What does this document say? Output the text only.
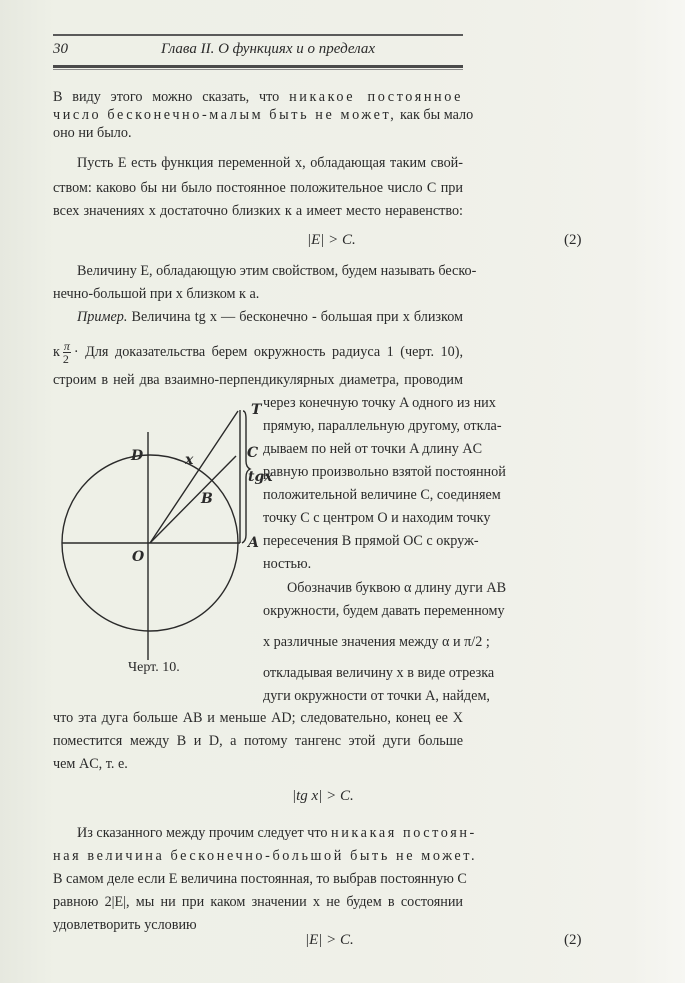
30	Глава II. О функциях и о пределах
В виду этого можно сказать, что никакое постоянное
число бесконечно-малым быть не может, как бы мало
оно ни было.
Пусть E есть функция переменной x, обладающая таким свой-
ством: каково бы ни было постоянное положительное число C при
всех значениях x достаточно близких к a имеет место неравенство:
|E| > C.	(2)
Величину E, обладающую этим свойством, будем называть беско-
нечно-большой при x близком к a.
Пример. Величина tg x — бесконечно - большая при x близком
к $\frac{\pi}{2}$ · Для доказательства берем окружность радиуса 1 (черт. 10),
строим в ней два взаимно-перпендикулярных диаметра, проводим
через конечную точку A одного из них
прямую, параллельную другому, откла-
дываем по ней от точки A длину AC
равную произвольно взятой постоянной
положительной величине C, соединяем
точку C с центром O и находим точку
пересечения B прямой OC с окруж-
ностью.
Обозначив буквою α длину дуги AB
окружности, будем давать переменному
x различные значения между α и π/2 ;
откладывая величину x в виде отрезка
дуги окружности от точки A, найдем,
что эта дуга больше AB и меньше AD; следовательно, конец ее X
поместится между B и D, а потому тангенс этой дуги больше
чем AC, т. е.
|tg x| > C.
Из сказанного между прочим следует что никакая постоян-
ная величина бесконечно-большой быть не может.
В самом деле если E величина постоянная, то выбрав постоянную C
равною 2|E|, мы ни при каком значении x не будем в состоянии
удовлетворить условию
|E| > C.	(2)
T
D	x	C
tgx
B
O
A
Черт. 10.
